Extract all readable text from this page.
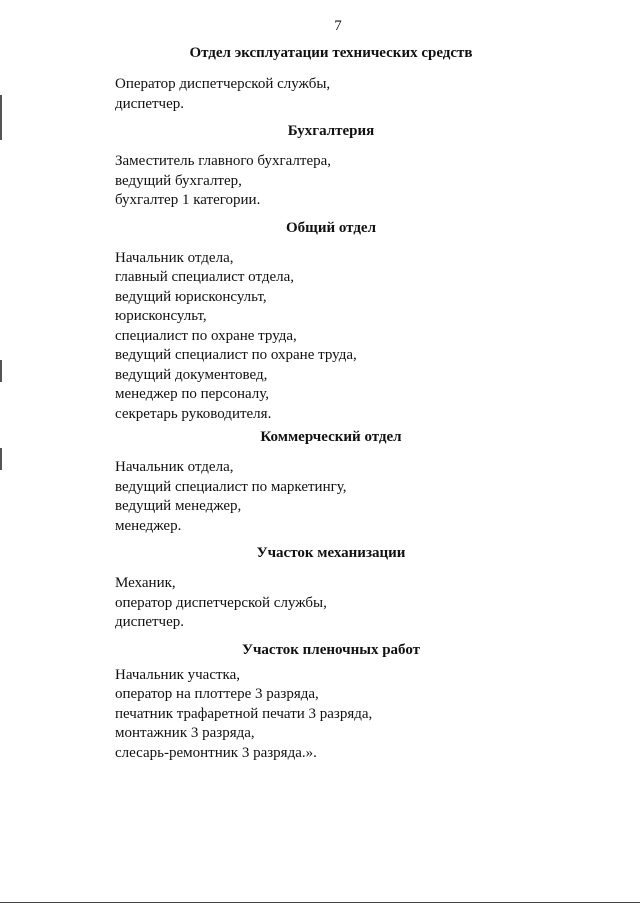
7
Отдел эксплуатации технических средств
Оператор диспетчерской службы,
диспетчер.
Бухгалтерия
Заместитель главного бухгалтера,
ведущий бухгалтер,
бухгалтер 1 категории.
Общий отдел
Начальник отдела,
главный специалист отдела,
ведущий юрисконсульт,
юрисконсульт,
специалист по охране труда,
ведущий специалист по охране труда,
ведущий документовед,
менеджер по персоналу,
секретарь руководителя.
Коммерческий отдел
Начальник отдела,
ведущий специалист по маркетингу,
ведущий менеджер,
менеджер.
Участок механизации
Механик,
оператор диспетчерской службы,
диспетчер.
Участок пленочных работ
Начальник участка,
оператор на плоттере 3 разряда,
печатник трафаретной печати 3 разряда,
монтажник 3 разряда,
слесарь-ремонтник 3 разряда.».
